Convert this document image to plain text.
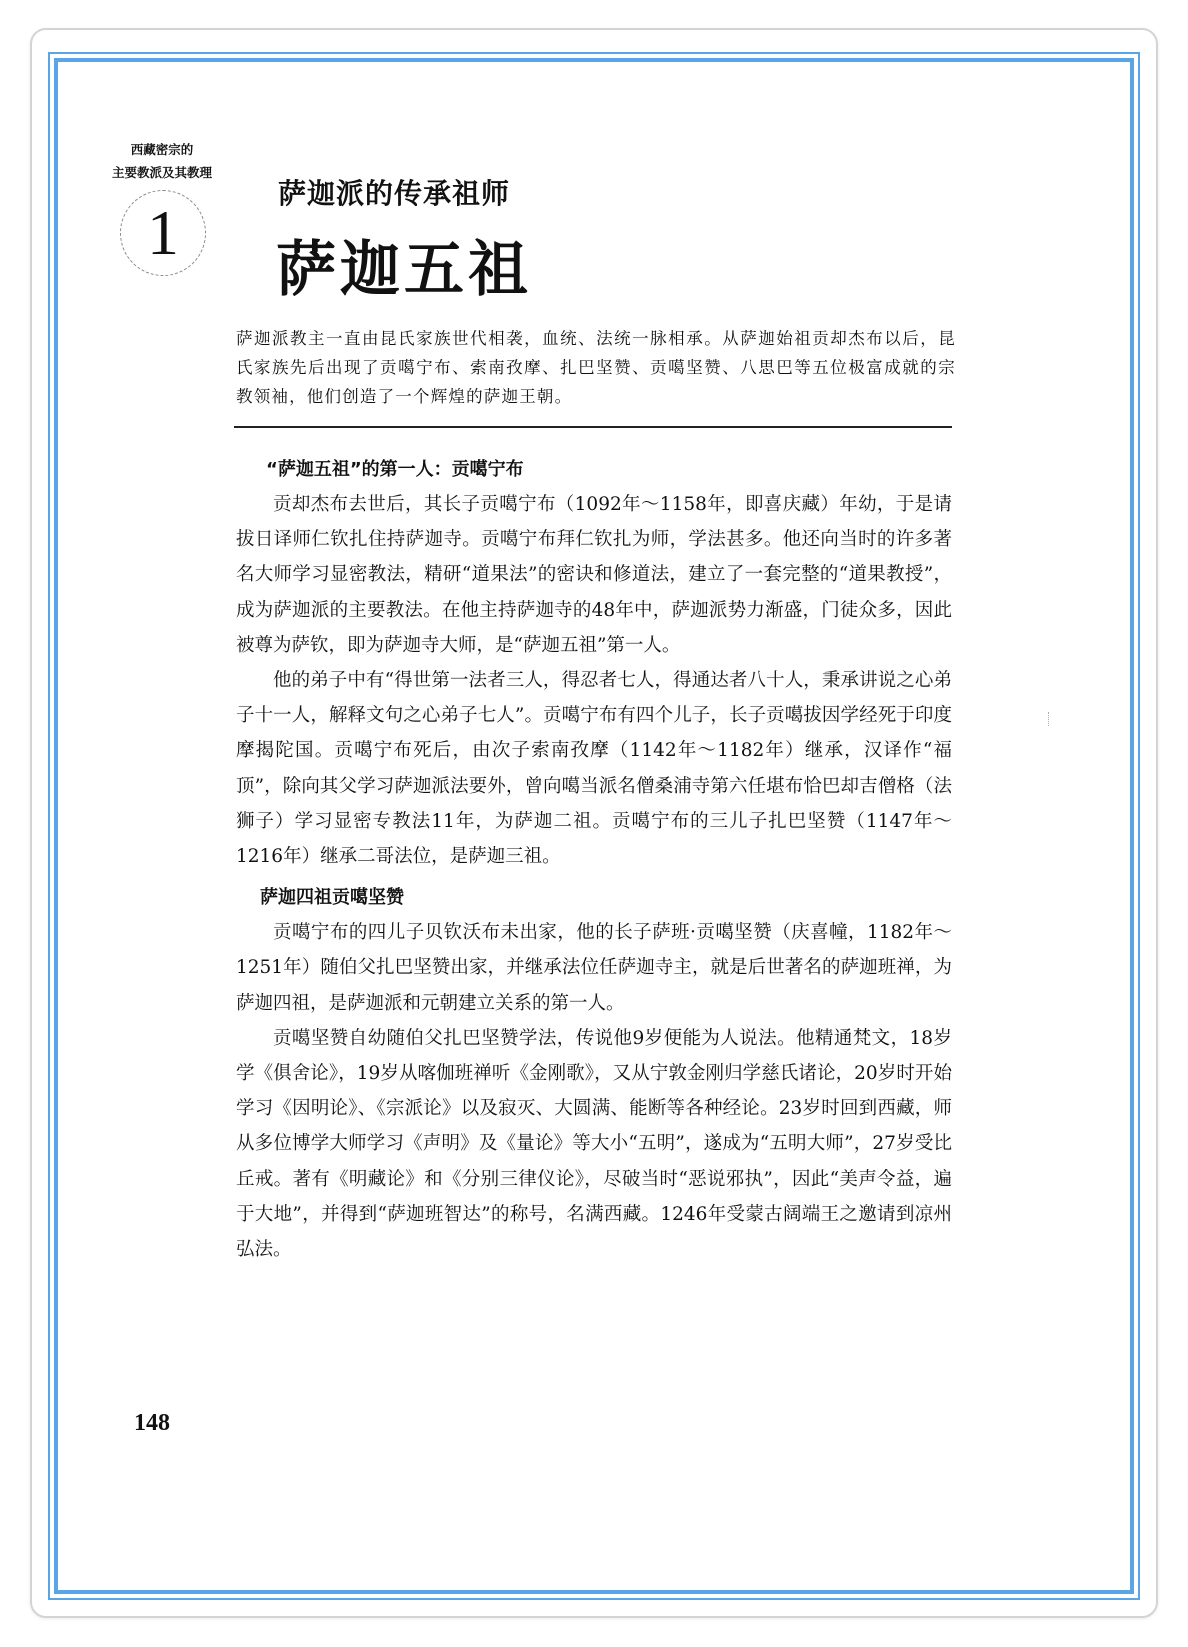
西藏密宗的
主要教派及其教理
1
萨迦派的传承祖师
萨迦五祖
萨迦派教主一直由昆氏家族世代相袭，血统、法统一脉相承。从萨迦始祖贡却杰布以后，昆氏家族先后出现了贡噶宁布、索南孜摩、扎巴坚赞、贡噶坚赞、八思巴等五位极富成就的宗教领袖，他们创造了一个辉煌的萨迦王朝。
“萨迦五祖”的第一人：贡噶宁布

贡却杰布去世后，其长子贡噶宁布（1092年～1158年，即喜庆藏）年幼，于是请拔日译师仁钦扎住持萨迦寺。贡噶宁布拜仁钦扎为师，学法甚多。他还向当时的许多著名大师学习显密教法，精研“道果法”的密诀和修道法，建立了一套完整的“道果教授”，成为萨迦派的主要教法。在他主持萨迦寺的48年中，萨迦派势力渐盛，门徒众多，因此被尊为萨钦，即为萨迦寺大师，是“萨迦五祖”第一人。

他的弟子中有“得世第一法者三人，得忍者七人，得通达者八十人，秉承讲说之心弟子十一人，解释文句之心弟子七人”。贡噶宁布有四个儿子，长子贡噶拔因学经死于印度摩揭陀国。贡噶宁布死后，由次子索南孜摩（1142年～1182年）继承，汉译作“福顶”，除向其父学习萨迦派法要外，曾向噶当派名僧桑浦寺第六任堪布恰巴却吉僧格（法狮子）学习显密专教法11年，为萨迦二祖。贡噶宁布的三儿子扎巴坚赞（1147年～1216年）继承二哥法位，是萨迦三祖。

萨迦四祖贡噶坚赞

贡噶宁布的四儿子贝钦沃布未出家，他的长子萨班·贡噶坚赞（庆喜幢，1182年～1251年）随伯父扎巴坚赞出家，并继承法位任萨迦寺主，就是后世著名的萨迦班禅，为萨迦四祖，是萨迦派和元朝建立关系的第一人。

贡噶坚赞自幼随伯父扎巴坚赞学法，传说他9岁便能为人说法。他精通梵文，18岁学《俱舍论》，19岁从喀伽班禅听《金刚歌》，又从宁敦金刚归学慈氏诸论，20岁时开始学习《因明论》、《宗派论》以及寂灭、大圆满、能断等各种经论。23岁时回到西藏，师从多位博学大师学习《声明》及《量论》等大小“五明”，遂成为“五明大师”，27岁受比丘戒。著有《明藏论》和《分别三律仪论》，尽破当时“恶说邪执”，因此“美声令益，遍于大地”，并得到“萨迦班智达”的称号，名满西藏。1246年受蒙古阔端王之邀请到凉州弘法。

148
